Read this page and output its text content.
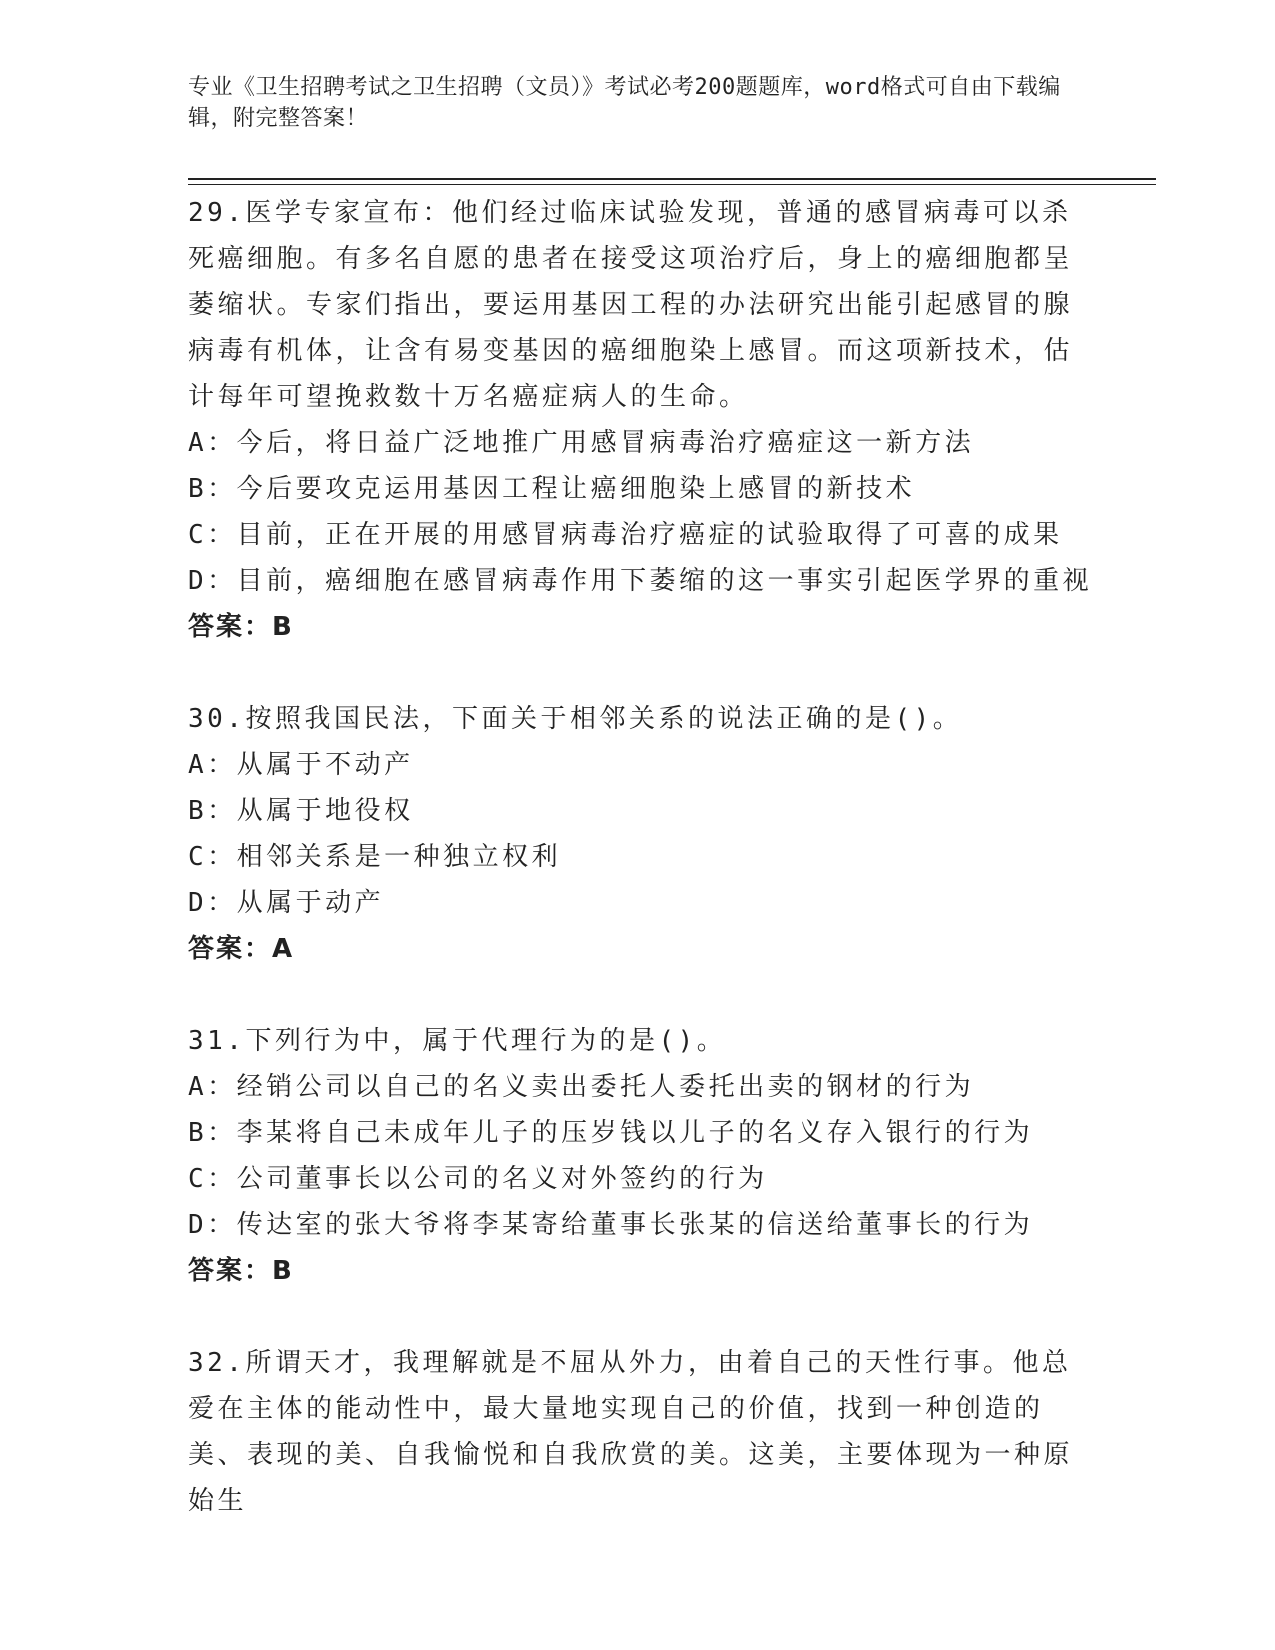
专业《卫生招聘考试之卫生招聘（文员）》考试必考200题题库，word格式可自由下载编辑，附完整答案！

29.医学专家宣布：他们经过临床试验发现，普通的感冒病毒可以杀死癌细胞。有多名自愿的患者在接受这项治疗后，身上的癌细胞都呈萎缩状。专家们指出，要运用基因工程的办法研究出能引起感冒的腺病毒有机体，让含有易变基因的癌细胞染上感冒。而这项新技术，估计每年可望挽救数十万名癌症病人的生命。

A：今后，将日益广泛地推广用感冒病毒治疗癌症这一新方法
B：今后要攻克运用基因工程让癌细胞染上感冒的新技术
C：目前，正在开展的用感冒病毒治疗癌症的试验取得了可喜的成果
D：目前，癌细胞在感冒病毒作用下萎缩的这一事实引起医学界的重视

答案：B

30.按照我国民法，下面关于相邻关系的说法正确的是()。

A：从属于不动产
B：从属于地役权
C：相邻关系是一种独立权利
D：从属于动产

答案：A

31.下列行为中，属于代理行为的是()。

A：经销公司以自己的名义卖出委托人委托出卖的钢材的行为
B：李某将自己未成年儿子的压岁钱以儿子的名义存入银行的行为
C：公司董事长以公司的名义对外签约的行为
D：传达室的张大爷将李某寄给董事长张某的信送给董事长的行为

答案：B

32.所谓天才，我理解就是不屈从外力，由着自己的天性行事。他总爱在主体的能动性中，最大量地实现自己的价值，找到一种创造的美、表现的美、自我愉悦和自我欣赏的美。这美，主要体现为一种原始生
